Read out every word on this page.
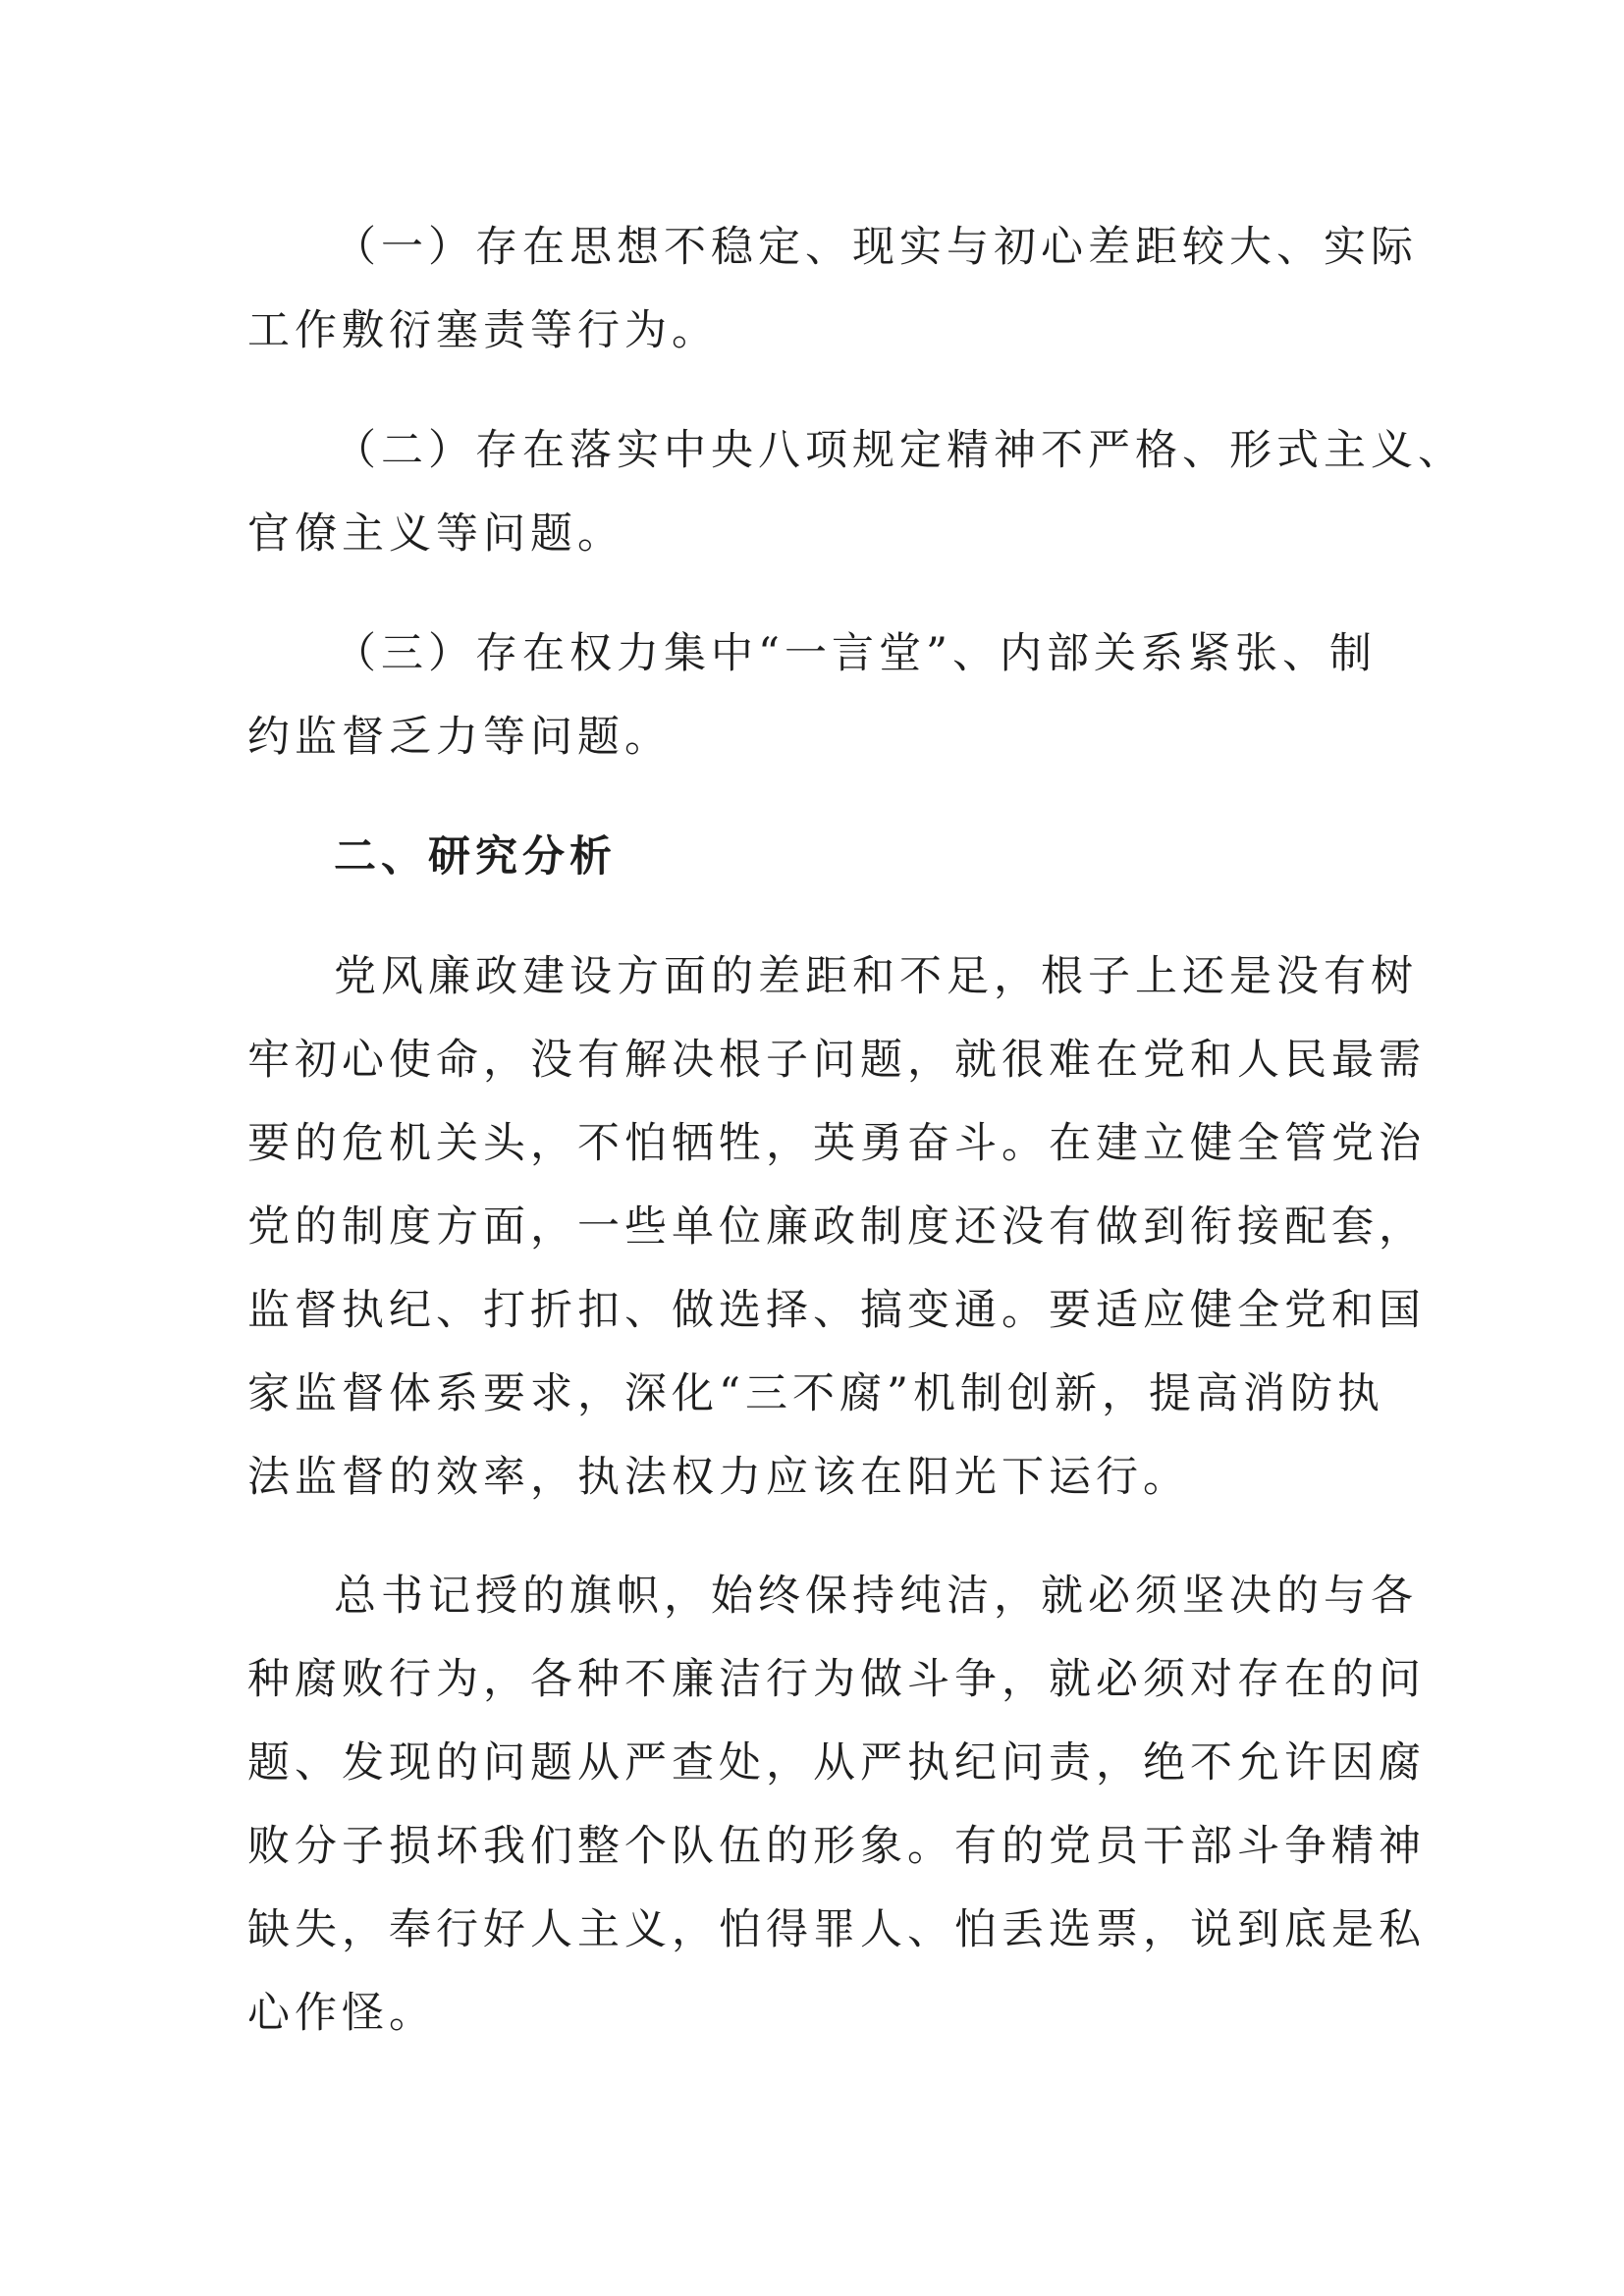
（一）存在思想不稳定、现实与初心差距较大、实际
工作敷衍塞责等行为。
（二）存在落实中央八项规定精神不严格、形式主义、
官僚主义等问题。
（三）存在权力集中“一言堂”、内部关系紧张、制
约监督乏力等问题。
二、研究分析
党风廉政建设方面的差距和不足，根子上还是没有树
牢初心使命，没有解决根子问题，就很难在党和人民最需
要的危机关头，不怕牺牲，英勇奋斗。在建立健全管党治
党的制度方面，一些单位廉政制度还没有做到衔接配套，
监督执纪、打折扣、做选择、搞变通。要适应健全党和国
家监督体系要求，深化“三不腐”机制创新，提高消防执
法监督的效率，执法权力应该在阳光下运行。
总书记授的旗帜，始终保持纯洁，就必须坚决的与各
种腐败行为，各种不廉洁行为做斗争，就必须对存在的问
题、发现的问题从严查处，从严执纪问责，绝不允许因腐
败分子损坏我们整个队伍的形象。有的党员干部斗争精神
缺失，奉行好人主义，怕得罪人、怕丢选票，说到底是私
心作怪。
